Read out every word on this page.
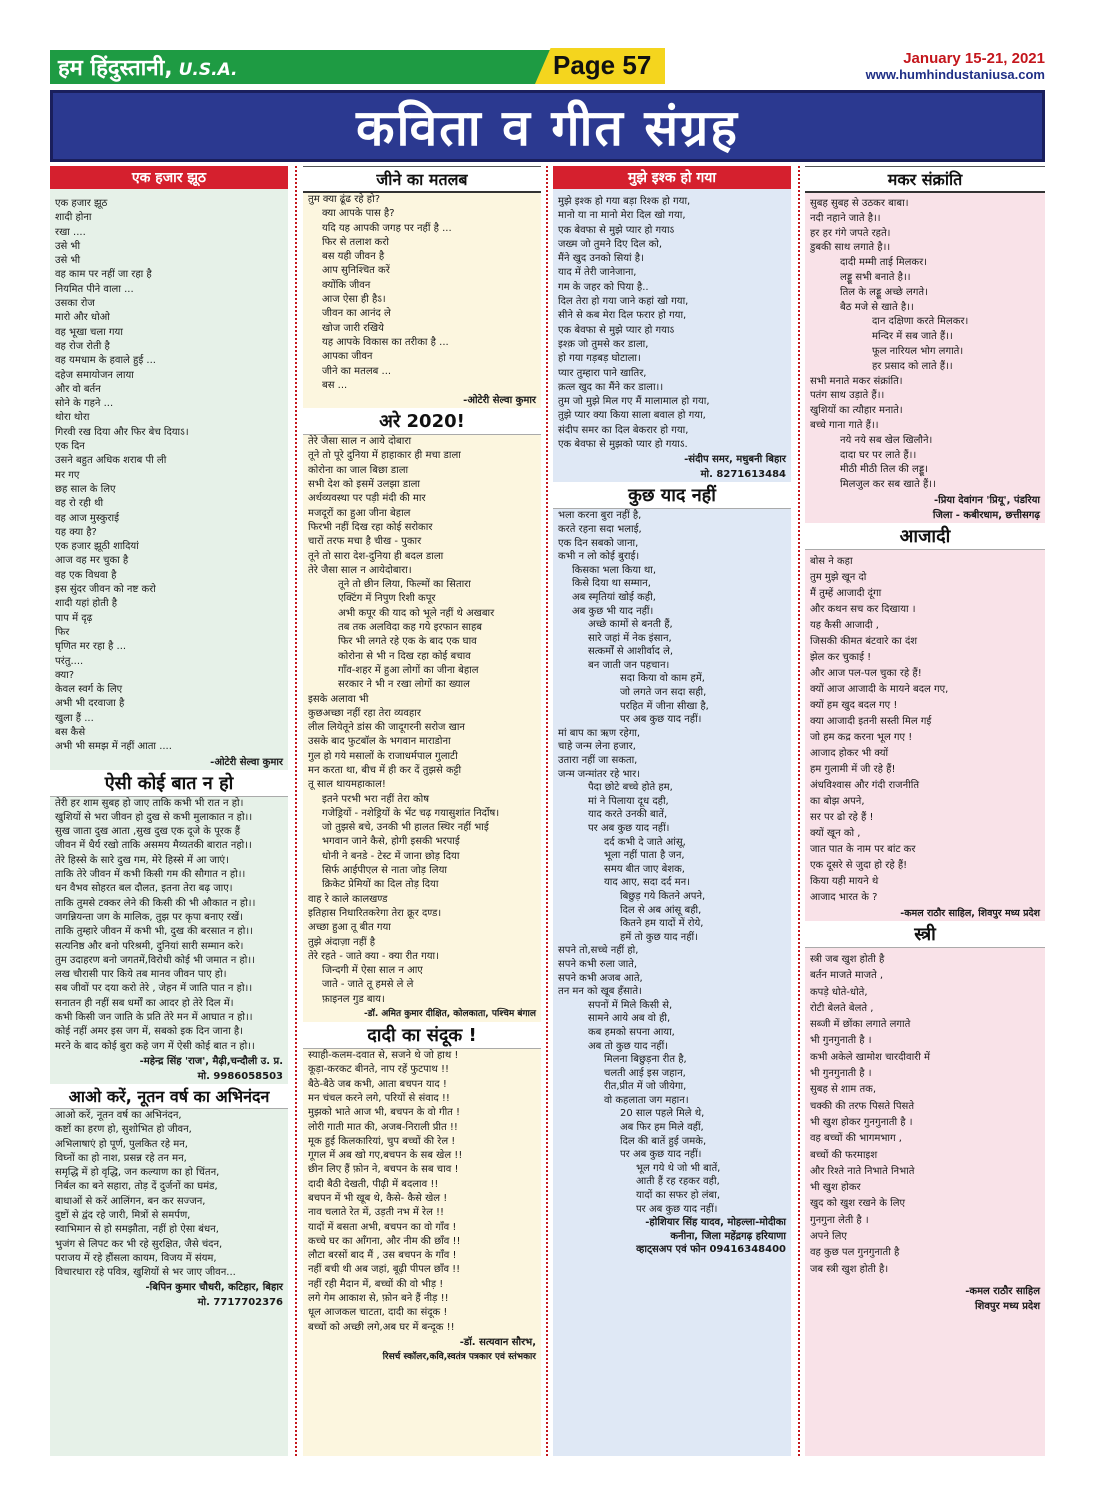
हम हिंदुस्तानी, U.S.A.	Page 57	January 15-21, 2021
www.humhindustaniusa.com
कविता व गीत संग्रह
एक हजार झूठ
एक हजार झूठ
शादी होना
रखा ....
उसे भी
उसे भी
वह काम पर नहीं जा रहा है
नियमित पीने वाला ...
उसका रोज
मारो और धोओ
वह भूखा चला गया
वह रोज रोती है
वह यमधाम के हवाले हुई ...
दहेज समायोजन लाया
और वो बर्तन
सोने के गहने ...
थोरा थोरा
गिरवी रख दिया और फिर बेच दियाऽ।
एक दिन
उसने बहुत अधिक शराब पी ली
मर गए
छह साल के लिए
वह रो रही थी
वह आज मुस्कुराई
यह क्या है?
एक हजार झूठी शादियां
आज वह मर चुका है
वह एक विधवा है
इस सुंदर जीवन को नष्ट करो
शादी यहां होती है
पाप में दृढ़
फिर
घृणित मर रहा है ...
परंतु....
क्या?
केवल स्वर्ग के लिए
अभी भी दरवाजा है
खुला हैं ...
बस कैसे
अभी भी समझ में नहीं आता ....
-ओटेरी सेल्वा कुमार
ऐसी कोई बात न हो
तेरी हर शाम सुबह हो जाए ताकि कभी भी रात न हो।
खुशियों से भरा जीवन हो दुख से कभी मुलाकात न हो।।
सुख जाता दुख आता ,सुख दुख एक दूजे के पूरक हैं
जीवन में धैर्य रखो ताकि असमय मैय्यतकी बारात नहो।।
तेरे हिस्से के सारे दुख गम, मेरे हिस्से में आ जाएं।
ताकि तेरे जीवन में कभी किसी गम की सौगात न हो।।
धन वैभव सोहरत बल दौलत, इतना तेरा बढ़ जाए।
ताकि तुमसे टक्कर लेने की किसी की भी औकात न हो।।
जगन्नियन्ता जग के मालिक, तुझ पर कृपा बनाए रखें।
ताकि तुम्हारे जीवन में कभी भी, दुख की बरसात न हो।।
सत्यनिष्ठ और बनो परिश्रमी, दुनियां सारी सम्मान करे।
तुम उदाहरण बनो जगतमें,विरोधी कोई भी जमात न हो।।
लख चौरासी पार किये तब मानव जीवन पाए हो।
सब जीवों पर दया करो तेरे , जेहन में जाति पात न हो।।
सनातन ही नहीं सब धर्मों का आदर हो तेरे दिल में।
कभी किसी जन जाति के प्रति तेरे मन में आघात न हो।।
कोई नहीं अमर इस जग में, सबको इक दिन जाना है।
मरने के बाद कोई बुरा कहे जग में ऐसी कोई बात न हो।।
-महेन्द्र सिंह 'राज', मैढ़ी,चन्दौली उ. प्र.
मो. 9986058503
आओ करें, नूतन वर्ष का अभिनंदन
आओ करें, नूतन वर्ष का अभिनंदन,
कष्टों का हरण हो, सुशोभित हो जीवन,
अभिलाषाएं हो पूर्ण, पुलकित रहे मन,
विघ्नों का हो नाश, प्रसन्न रहे तन मन,
समृद्धि में हो वृद्धि, जन कल्याण का हो चिंतन,
निर्बल का बने सहारा, तोड़ दें दुर्जनों का घमंड,
बाधाओं से करें आलिंगन, बन कर सज्जन,
दुष्टों से द्वंद रहे जारी, मित्रों से समर्पण,
स्वाभिमान से हो समझौता, नहीं हो ऐसा बंधन,
भुजंग से लिपट कर भी रहे सुरक्षित, जैसे चंदन,
पराजय में रहे हौंसला कायम, विजय में संयम,
विचारधारा रहे पवित्र, खुशियों से भर जाए जीवन...
-बिपिन कुमार चौधरी, कटिहार, बिहार
मो. 7717702376
जीने का मतलब
तुम क्या ढूंढ रहे हो?
क्या आपके पास है?
यदि यह आपकी जगह पर नहीं है ...
फिर से तलाश करो
बस यही जीवन है
आप सुनिश्चित करें
क्योंकि जीवन
आज ऐसा ही हैऽ।
जीवन का आनंद ले
खोज जारी रखिये
यह आपके विकास का तरीका है ...
आपका जीवन
जीने का मतलब ...
बस ...
-ओटेरी सेल्वा कुमार
अरे 2020!
तेरे जैसा साल न आये दोबारा
तूने तो पूरे दुनिया में हाहाकार ही मचा डाला
कोरोना का जाल बिछा डाला
सभी देश को इसमें उलझा डाला
अर्थव्यवस्था पर पड़ी मंदी की मार
मजदूरों का हुआ जीना बेहाल
फिरभी नहीं दिख रहा कोई सरोकार
चारों तरफ मचा है चीख - पुकार
तूने तो सारा देश-दुनिया ही बदल डाला
तेरे जैसा साल न आयेदोबारा।
तूने तो छीन लिया, फिल्मों का सितारा
एक्टिंग में निपुण रिशी कपूर
अभी कपूर की याद को भूले नहीं थे अखबार
तब तक अलविदा कह गये इरफान साहब
फिर भी लगते रहे एक के बाद एक घाव
कोरोना से भी न दिख रहा कोई बचाव
गाँव-शहर में हुआ लोगों का जीना बेहाल
सरकार ने भी न रखा लोगों का ख्याल
इसके अलावा भी
कुछअच्छा नहीं रहा तेरा व्यवहार
लील लियेतूने डांस की जादूगरनी सरोज खान
उसके बाद फुटबॉल के भगवान माराडोना
गुल हो गये मसालों के राजाधर्मपाल गुलाटी
मन करता था, बीच में ही कर दें तुझसे कट्टी
तू साल थायमहाकाल!
इतने परभी भरा नहीं तेरा कोष
गजेड्रियों - नशेड्रियों के भेंट चढ़ गयासुशांत निर्दोष।
जो तुझसे बचे, उनकी भी हालत स्थिर नहीं भाई
भगवान जाने कैसे, होगी इसकी भरपाई
धोनी ने बनडे - टेस्ट में जाना छोड़ दिया
सिर्फ आईपीएल से नाता जोड़ लिया
क्रिकेट प्रेमियों का दिल तोड़ दिया
वाह रे काले कालखण्ड
इतिहास निधारितकरेगा तेरा क्रूर दण्ड।
अच्छा हुआ तू बीत गया
तुझे अंदाज़ा नहीं है
तेरे रहते - जाते क्या - क्या रीत गया।
जिन्दगी में ऐसा साल न आए
जाते - जाते तू हमसे ले ले
फ़ाइनल गुड बाय।
-डॉ. अमित कुमार दीक्षित, कोलकाता, पश्चिम बंगाल
दादी का संदूक !
स्याही-कलम-दवात से, सजने थे जो हाथ !
कूड़ा-करकट बीनते, नाप रहें फुटपाथ !!
बैठे-बैठे जब कभी, आता बचपन याद !
मन चंचल करने लगे, परियों से संवाद !!
मुझको भाते आज भी, बचपन के वो गीत !
लोरी गाती मात की, अजब-निराली प्रीत !!
मूक हुई किलकारियां, चुप बच्चों की रेल !
गूगल में अब खो गए,बचपन के सब खेल !!
छीन लिए हैं फ़ोन ने, बचपन के सब चाव !
दादी बैठी देखती, पीढ़ी में बदलाव !!
बचपन में भी खूब थे, कैसे- कैसे खेल !
नाव चलाते रेत में, उड़ती नभ में रेल !!
यादों में बसता अभी, बचपन का वो गाँव !
कच्चे घर का आँगना, और नीम की छाँव !!
लौटा बरसों बाद मैं , उस बचपन के गाँव !
नहीं बची थी अब जहां, बूढ़ी पीपल छाँव !!
नहीं रही मैदान में, बच्चों की वो भीड़ !
लगे गेम आकाश से, फ़ोन बने हैं नीड़ !!
धूल आजकल चाटता, दादी का संदूक !
बच्चों को अच्छी लगे,अब घर में बन्दूक !!
-डॉ. सत्यवान सौरभ,
रिसर्च स्कॉलर,कवि,स्वतंत्र पत्रकार एवं स्तंभकार
मुझे इश्क हो गया
मुझे इश्क हो गया बड़ा रिश्क हो गया,
मानो या ना मानो मेरा दिल खो गया,
एक बेवफा से मुझे प्यार हो गयाऽ
जख्म जो तुमने दिए दिल को,
मैंने खुद उनको सियां है।
याद में तेरी जानेजाना,
गम के जहर को पिया है..
दिल तेरा हो गया जाने कहां खो गया,
सीने से कब मेरा दिल फरार हो गया,
एक बेवफा से मुझे प्यार हो गयाऽ
इश्क़ जो तुमसे कर डाला,
हो गया गड़बड़ घोटाला।
प्यार तुम्हारा पाने खातिर,
क़त्ल खुद का मैंने कर डाला।।
तुम जो मुझे मिल गए मैं मालामाल हो गया,
तुझे प्यार क्या किया साला बवाल हो गया,
संदीप समर का दिल बेकरार हो गया,
एक बेवफा से मुझको प्यार हो गयाऽ.
-संदीप समर, मधुबनी बिहार
मो. 8271613484
कुछ याद नहीं
भला करना बुरा नहीं है,
करते रहना सदा भलाई,
एक दिन सबको जाना,
कभी न लो कोई बुराई।
किसका भला किया था,
किसे दिया था सम्मान,
अब स्मृतियां खोई कही,
अब कुछ भी याद नहीं।
अच्छे कामों से बनती हैं,
सारे जहां में नेक इंसान,
सत्कर्मों से आशीर्वाद ले,
बन जाती जन पहचान।
सदा किया वो काम हमें,
जो लगते जन सदा सही,
परहित में जीना सीखा है,
पर अब कुछ याद नहीं।
मां बाप का ऋण रहेगा,
चाहे जन्म लेना हजार,
उतारा नहीं जा सकता,
जन्म जन्मांतर रहे भार।
पैदा छोटे बच्चे होते हम,
मां ने पिलाया दूध दही,
याद करते उनकी बातें,
पर अब कुछ याद नहीं।
दर्द कभी दे जाते आंसू,
भूला नहीं पाता है जन,
समय बीत जाए बेशक,
याद आए, सदा दर्द मन।
बिछुड़ गये कितने अपने,
दिल से अब आंसू बही,
कितने हम यादों में रोये,
हमें तो कुछ याद नहीं।
सपने तो,सच्चे नहीं हो,
सपने कभी रुला जाते,
सपने कभी अजब आते,
तन मन को खूब हँसाते।
सपनों में मिले किसी से,
सामने आये अब वो ही,
कब हमको सपना आया,
अब तो कुछ याद नहीं।
मिलना बिछुड़ना रीत है,
चलती आई इस जहान,
रीत,प्रीत में जो जीयेगा,
वो कहलाता जग महान।
20 साल पहले मिले थे,
अब फिर हम मिले वहीं,
दिल की बातें हुई जमके,
पर अब कुछ याद नहीं।
भूल गये थे जो भी बातें,
आती हैं रह रहकर वही,
यादों का सफर हो लंबा,
पर अब कुछ याद नहीं।
-होशियार सिंह यादव, मोहल्ला-मोदीका
कनीना, जिला महेंद्रगढ़ हरियाणा
व्हाट्सअप एवं फोन 09416348400
मकर संक्रांति
सुबह सुबह से उठकर बाबा।
नदी नहाने जाते है।।
हर हर गंगे जपते रहते।
डुबकी साथ लगाते है।।
दादी मम्मी ताई मिलकर।
लड्डू सभी बनाते है।।
तिल के लड्डू अच्छे लगते।
बैठ मजे से खाते है।।
दान दक्षिणा करते मिलकर।
मन्दिर में सब जाते हैं।।
फूल नारियल भोग लगाते।
हर प्रसाद को लाते हैं।।
सभी मनाते मकर संक्रांति।
पतंग साथ उड़ाते हैं।।
खुशियों का त्यौहार मनाते।
बच्चे गाना गाते हैं।।
नये नये सब खेल खिलौने।
दादा घर पर लाते हैं।।
मीठी मीठी तिल की लड्डू।
मिलजुल कर सब खाते हैं।।
-प्रिया देवांगन 'प्रियू', पंडरिया
जिला - कबीरधाम, छत्तीसगढ़
आजादी
बोस ने कहा
तुम मुझे खून दो
मैं तुम्हें आजादी दूंगा
और कथन सच कर दिखाया ।
यह कैसी आजादी ,
जिसकी कीमत बंटवारे का दंश
झेल कर चुकाई !
और आज पल-पल चुका रहे हैं!
क्यों आज आजादी के मायने बदल गए,
क्यों हम खुद बदल गए !
क्या आजादी इतनी सस्ती मिल गई
जो हम कद्र करना भूल गए !
आजाद होकर भी क्यों
हम गुलामी में जी रहे हैं!
अंधविश्वास और गंदी राजनीति
का बोझ अपने,
सर पर ढो रहे हैं !
क्यों खून को ,
जात पात के नाम पर बांट कर
एक दूसरे से जुदा हो रहे हैं!
किया यही मायने थे
आजाद भारत के ?
-कमल राठौर साहिल, शिवपुर मध्य प्रदेश
स्त्री
स्त्री जब खुश होती है
बर्तन माजते माजते ,
कपड़े धोते-धोते,
रोटी बेलते बेलते ,
सब्जी में छोंका लगाते लगाते
भी गुनगुनाती है ।
कभी अकेले खामोश चारदीवारी में
भी गुनगुनाती है ।
सुबह से शाम तक,
चक्की की तरफ पिसते पिसते
भी खुश होकर गुनगुनाती है ।
वह बच्चों की भागमभाग ,
बच्चों की फरमाइश
और रिश्ते नाते निभाते निभाते
भी खुश होकर
खुद को खुश रखने के लिए
गुनगुना लेती है ।
अपने लिए
वह कुछ पल गुनगुनाती है
जब स्त्री खुश होती है।
-कमल राठौर साहिल
शिवपुर मध्य प्रदेश
